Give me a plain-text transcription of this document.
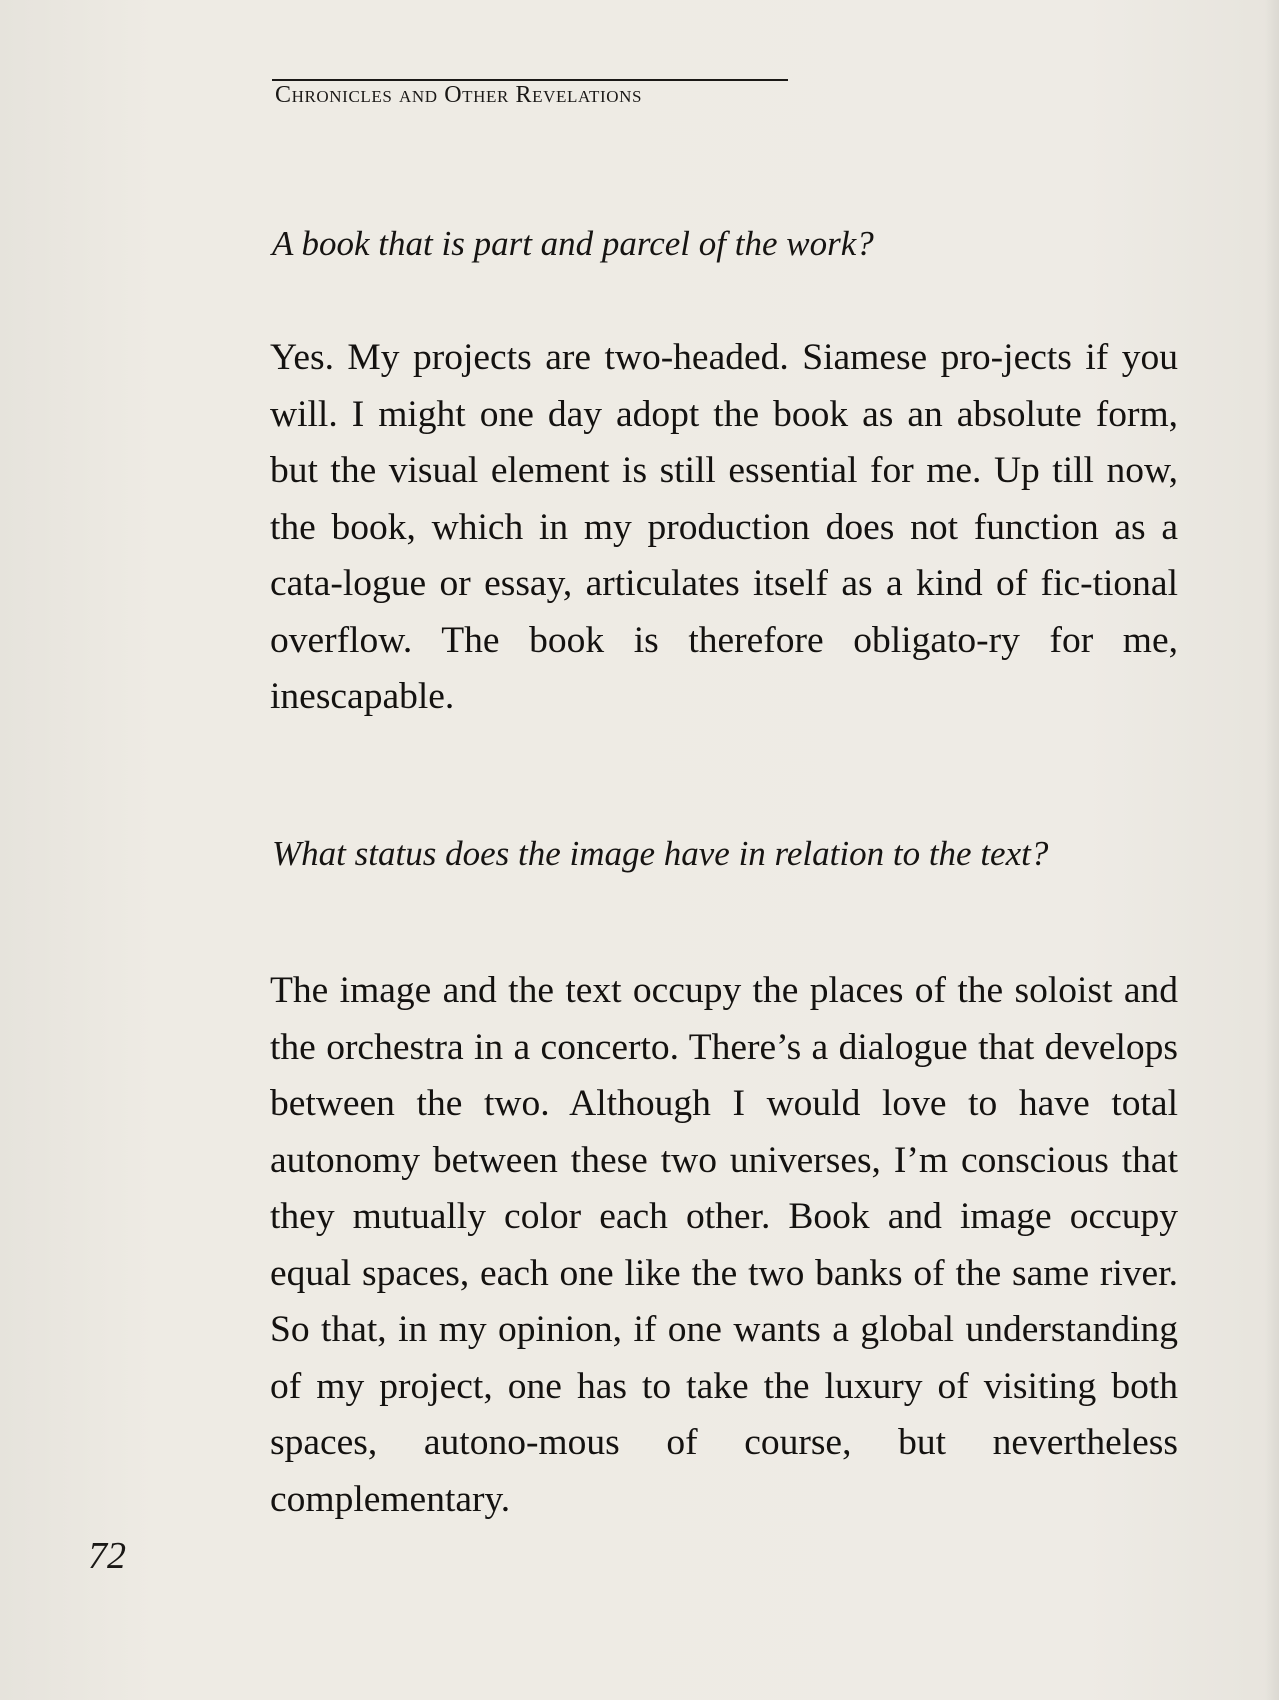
Chronicles and Other Revelations
A book that is part and parcel of the work?
Yes. My projects are two-headed. Siamese pro-jects if you will. I might one day adopt the book as an absolute form, but the visual element is still essential for me. Up till now, the book, which in my production does not function as a cata-logue or essay, articulates itself as a kind of fic-tional overflow. The book is therefore obligato-ry for me, inescapable.
What status does the image have in relation to the text?
The image and the text occupy the places of the soloist and the orchestra in a concerto. There’s a dialogue that develops between the two. Although I would love to have total autonomy between these two universes, I’m conscious that they mutually color each other. Book and image occupy equal spaces, each one like the two banks of the same river. So that, in my opinion, if one wants a global understanding of my project, one has to take the luxury of visiting both spaces, autono-mous of course, but nevertheless complementary.
72
